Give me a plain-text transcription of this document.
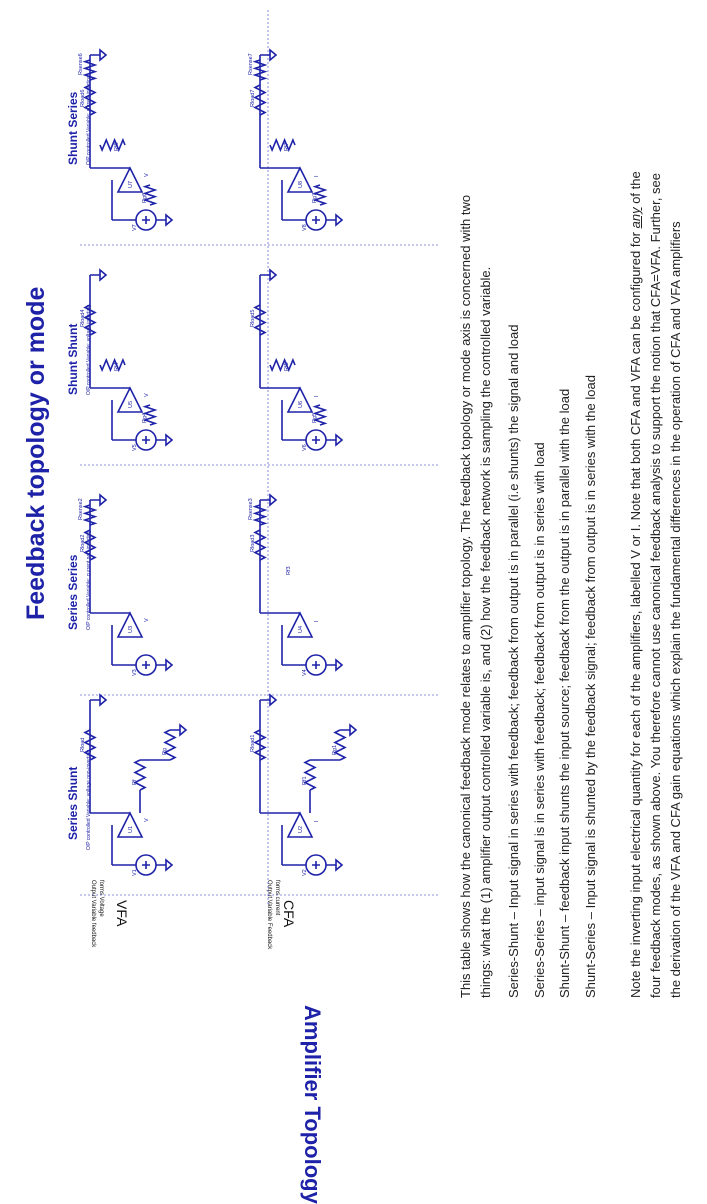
Feedback topology or mode
Amplifier Topology
VFA
Output Variable feedback forms Voltage	CFA
Output Variable Feedback forms current
Series Shunt O/P controlled Variable: voltage non-inverting
Series Series O/P controlled Variable: current non-inverting
Shunt Shunt O/P controlled Variable: voltage inverting
Shunt Series O/P controlled Variable: current inverting
V1
U1
V
Rload
Rf
Rg
V2
U2
I
Rload1
Rf1
Rg1
V3
U3
V
Rload2
Rsense2
V4
U4
I
Rload3
Rf3
Rsense3
V5
U5
V
Rload4
Rf4
Rg4
V6
U6
I
Rload5
Rf5
Rg5
V7
U7
V
Rload6
Rf6
Rg6
Rsense6
V8
U8
I
Rload7
Rf7
Rg7
Rsense7
This table shows how the canonical feedback mode relates to amplifier topology. The feedback topology or mode axis is concerned with two things: what the (1) amplifier output controlled variable is, and (2) how the feedback network is sampling the controlled variable. Series-Shunt – Input signal in series with feedback; feedback from output is in parallel (i.e shunts) the signal and load Series-Series – input signal is in series with feedback; feedback from output is in series with load Shunt-Shunt – feedback input shunts the input source; feedback from the output is in parallel with the load Shunt-Series – Input signal is shunted by the feedback signal; feedback from output is in series with the load Note the inverting input electrical quantity for each of the amplifiers, labelled V or I. Note that both CFA and VFA can be configured for any of the four feedback modes, as shown above. You therefore cannot use canonical feedback analysis to support the notion that CFA=VFA. Further, see the derivation of the VFA and CFA gain equations which explain the fundamental differences in the operation of CFA and VFA amplifiers
